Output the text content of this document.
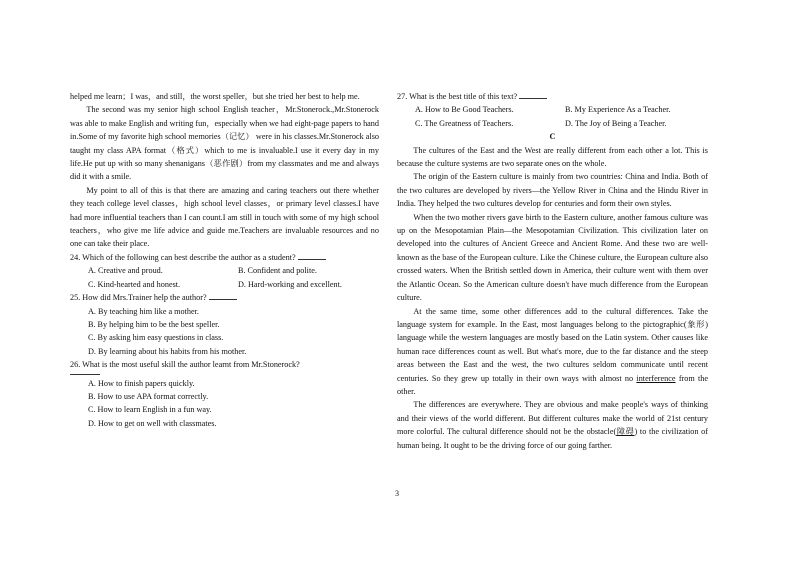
helped me learn；I was，and still，the worst speller，but she tried her best to help me.

The second was my senior high school English teacher，Mr.Stonerock.,Mr.Stonerock was able to make English and writing fun，especially when we had eight-page papers to hand in.Some of my favorite high school memories（记忆） were in his classes.Mr.Stonerock also taught my class APA format（格式）which to me is invaluable.I use it every day in my life.He put up with so many shenanigans（恶作剧）from my classmates and me and always did it with a smile.

My point to all of this is that there are amazing and caring teachers out there whether they teach college level classes，high school level classes，or primary level classes.I have had more influential teachers than I can count.I am still in touch with some of my high school teachers，who give me life advice and guide me.Teachers are invaluable resources and no one can take their place.

24. Which of the following can best describe the author as a student?

A. Creative and proud.	B. Confident and polite.
C. Kind-hearted and honest.	D. Hard-working and excellent.

25. How did Mrs.Trainer help the author?

A. By teaching him like a mother.

B. By helping him to be the best speller.

C. By asking him easy questions in class.

D. By learning about his habits from his mother.

26. What is the most useful skill the author learnt from Mr.Stonerock?

A. How to finish papers quickly.

B. How to use APA format correctly.

C. How to learn English in a fun way.

D. How to get on well with classmates.

27. What is the best title of this text?

A. How to Be Good Teachers.	B. My Experience As a Teacher.
C. The Greatness of Teachers.	D. The Joy of Being a Teacher.

C

The cultures of the East and the West are really different from each other a lot. This is because the culture systems are two separate ones on the whole.

The origin of the Eastern culture is mainly from two countries: China and India. Both of the two cultures are developed by rivers—the Yellow River in China and the Hindu River in India. They helped the two cultures develop for centuries and form their own styles.

When the two mother rivers gave birth to the Eastern culture, another famous culture was up on the Mesopotamian Plain—the Mesopotamian Civilization. This civilization later on developed into the cultures of Ancient Greece and Ancient Rome. And these two are well-known as the base of the European culture. Like the Chinese culture, the European culture also crossed waters. When the British settled down in America, their culture went with them over the Atlantic Ocean. So the American culture doesn't have much difference from the European culture.

At the same time, some other differences add to the cultural differences. Take the language system for example. In the East, most languages belong to the pictographic(象形) language while the western languages are mostly based on the Latin system. Other causes like human race differences count as well. But what's more, due to the far distance and the steep areas between the East and the west, the two cultures seldom communicate until recent centuries. So they grew up totally in their own ways with almost no interference from the other.

The differences are everywhere. They are obvious and make people's ways of thinking and their views of the world different. But different cultures make the world of 21st century more colorful. The cultural difference should not be the obstacle(障碍) to the civilization of human being. It ought to be the driving force of our going farther.

3
